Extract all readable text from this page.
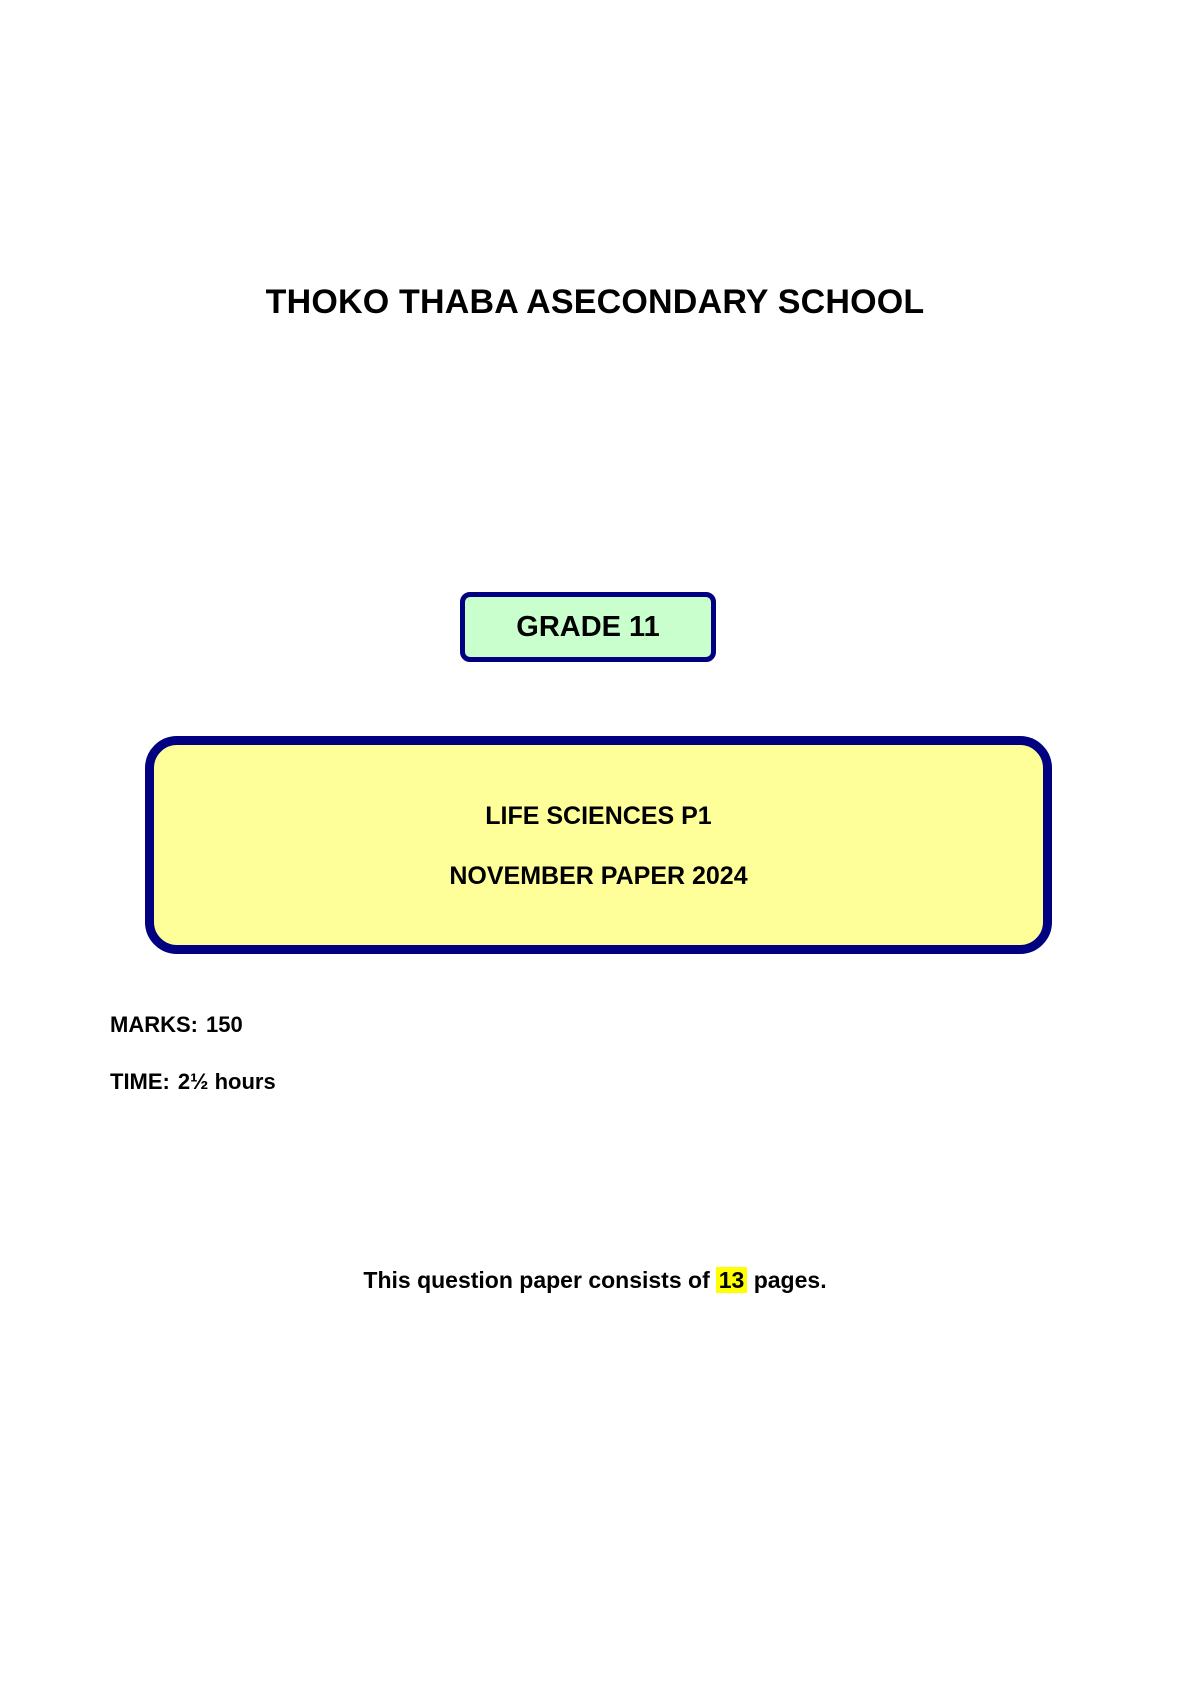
THOKO THABA ASECONDARY SCHOOL
GRADE 11
LIFE SCIENCES P1
NOVEMBER PAPER 2024
MARKS: 150
TIME: 2½ hours
This question paper consists of 13 pages.
